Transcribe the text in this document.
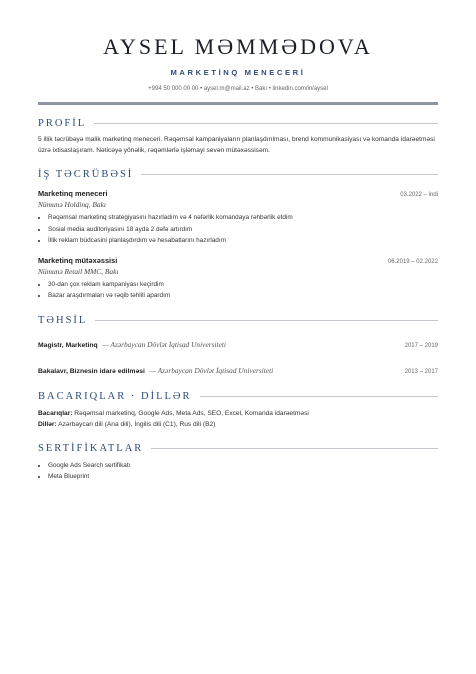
AYSEL MƏMMƏDOVA
MARKETİNQ MENECERİ
+994 50 000 00 00 • aysel.m@mail.az • Bakı • linkedin.com/in/aysel
PROFİL
5 illik təcrübəyə malik marketinq meneceri. Rəqəmsal kampaniyaların planlaşdırılması, brend kommunikasiyası və komanda idarəetməsi üzrə ixtisaslaşıram. Nəticəyə yönəlik, rəqəmlərlə işləmayi sevən mütəxəssisəm.
İŞ TƏCRÜBƏSİ
Marketinq meneceri	03.2022 – indi
Nümunə Holdinq, Bakı
• Rəqəmsal marketinq strategiyasını hazırladım və 4 nəfərlik komandaya rəhbərlik etdim
• Sosial media auditoriyasını 18 ayda 2 dəfə artırdım
• İllik reklam büdcəsini planlaşdırdım və hesabatlarını hazırladım
Marketinq mütəxəssisi	06.2019 – 02.2022
Nümunə Retail MMC, Bakı
• 30-dan çox reklam kampaniyası keçirdim
• Bazar araşdırmaları və rəqib təhlili apardım
TƏHSİL
Magistr, Marketinq — Azərbaycan Dövlət İqtisad Universiteti	2017 – 2019
Bakalavr, Biznesin idarə edilməsi — Azərbaycan Dövlət İqtisad Universiteti	2013 – 2017
BACARIQLAR · DİLLƏR
Bacarıqlar: Rəqəmsal marketinq, Google Ads, Meta Ads, SEO, Excel, Komanda idarəetməsi
Dillər: Azərbaycan dili (Ana dili), İngilis dili (C1), Rus dili (B2)
SERTİFİKATLAR
• Google Ads Search sertifikatı
• Meta Blueprint
